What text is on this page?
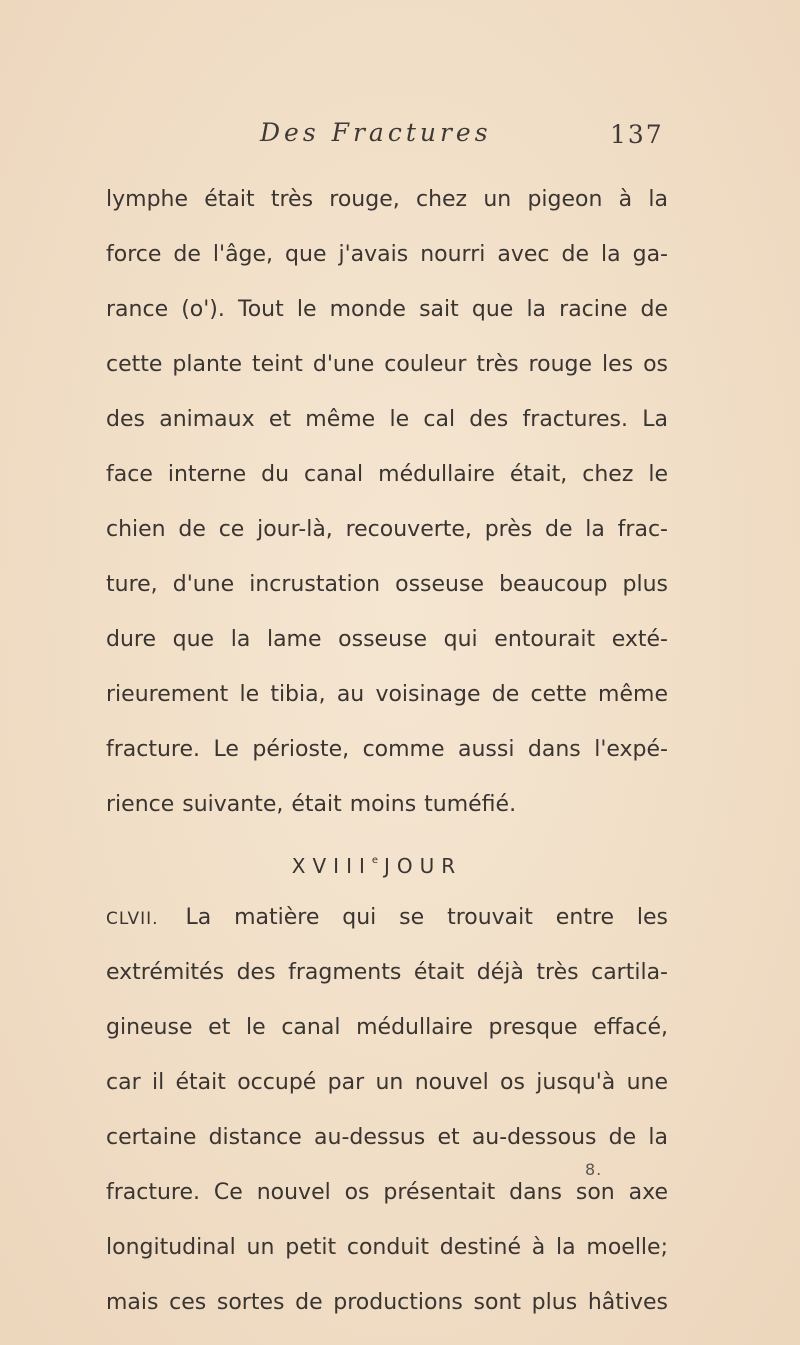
Des Fractures	137
lymphe était très rouge, chez un pigeon à la
force de l'âge, que j'avais nourri avec de la ga-
rance (o'). Tout le monde sait que la racine de
cette plante teint d'une couleur très rouge les os
des animaux et même le cal des fractures. La
face interne du canal médullaire était, chez le
chien de ce jour-là, recouverte, près de la frac-
ture, d'une incrustation osseuse beaucoup plus
dure que la lame osseuse qui entourait exté-
rieurement le tibia, au voisinage de cette même
fracture. Le périoste, comme aussi dans l'expé-
rience suivante, était moins tuméfié.
XVIIIe JOUR
CLVII. La matière qui se trouvait entre les
extrémités des fragments était déjà très cartila-
gineuse et le canal médullaire presque effacé,
car il était occupé par un nouvel os jusqu'à une
certaine distance au-dessus et au-dessous de la
fracture. Ce nouvel os présentait dans son axe
longitudinal un petit conduit destiné à la moelle;
mais ces sortes de productions sont plus hâtives
8.
